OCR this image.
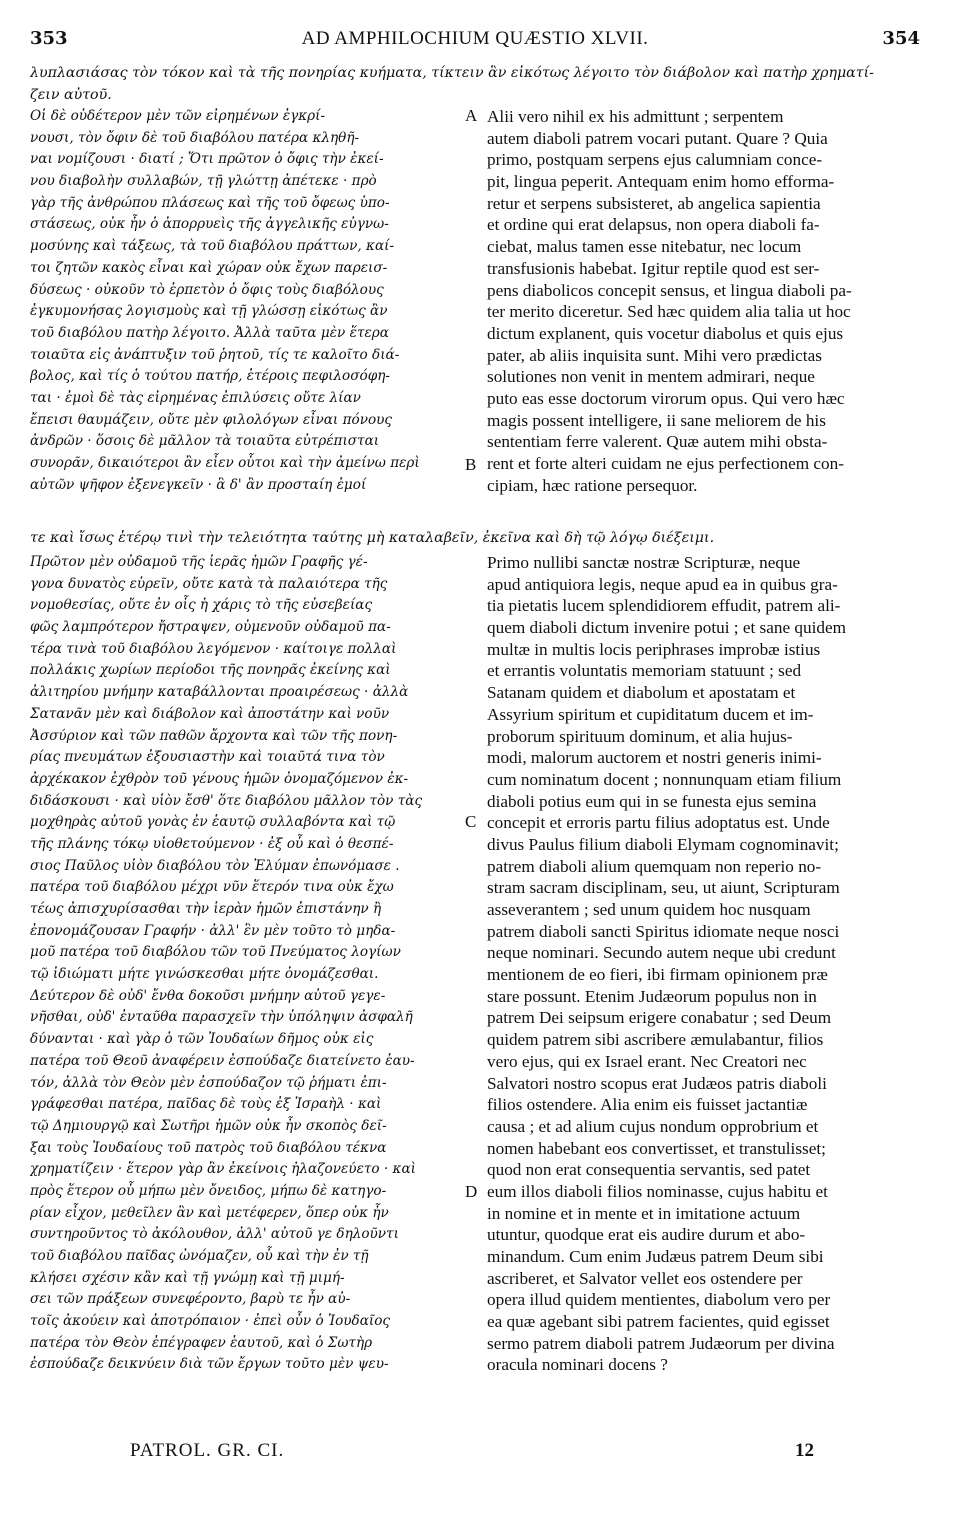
353	AD AMPHILOCHIUM QUÆSTIO XLVII.	354
λυπλασιάσας τὸν τόκον καὶ τὰ τῆς πονηρίας κυήματα, τίκτειν ἂν εἰκότως λέγοιτο τὸν διάβολον καὶ πατὴρ χρηματί-
ζειν αὐτοῦ.
Οἱ δὲ οὐδέτερον μὲν τῶν εἰρημένων ἐγκρί-
νουσι, τὸν ὄφιν δὲ τοῦ διαβόλου πατέρα κληθῆ-
ναι νομίζουσι · διατί ; Ὅτι πρῶτον ὁ ὄφις τὴν ἐκεί-
νου διαβολὴν συλλαβών, τῇ γλώττῃ ἀπέτεκε · πρὸ
γὰρ τῆς ἀνθρώπου πλάσεως καὶ τῆς τοῦ ὄφεως ὑπο-
στάσεως, οὐκ ἦν ὁ ἀπορρυεὶς τῆς ἀγγελικῆς εὐγνω-
μοσύνης καὶ τάξεως, τὰ τοῦ διαβόλου πράττων, καί-
τοι ζητῶν κακὸς εἶναι καὶ χώραν οὐκ ἔχων παρεισ-
δύσεως · οὐκοῦν τὸ ἑρπετὸν ὁ ὄφις τοὺς διαβόλους
ἐγκυμονήσας λογισμοὺς καὶ τῇ γλώσσῃ εἰκότως ἂν
τοῦ διαβόλου πατὴρ λέγοιτο. Ἀλλὰ ταῦτα μὲν ἕτερα
τοιαῦτα εἰς ἀνάπτυξιν τοῦ ῥητοῦ, τίς τε καλοῖτο διά-
βολος, καὶ τίς ὁ τούτου πατήρ, ἑτέροις πεφιλοσόφη-
ται · ἐμοὶ δὲ τὰς εἰρημένας ἐπιλύσεις οὔτε λίαν
ἔπεισι θαυμάζειν, οὔτε μὲν φιλολόγων εἶναι πόνους
ἀνδρῶν · ὅσοις δὲ μᾶλλον τὰ τοιαῦτα εὐτρέπισται
συνορᾶν, δικαιότεροι ἂν εἶεν οὗτοι καὶ τὴν ἀμείνω περὶ
αὐτῶν ψῆφον ἐξενεγκεῖν · ἃ δ' ἂν προσταίη ἐμοί
Alii vero nihil ex his admittunt ; serpentem
autem diaboli patrem vocari putant. Quare ? Quia
primo, postquam serpens ejus calumniam conce-
pit, lingua peperit. Antequam enim homo efforma-
retur et serpens subsisteret, ab angelica sapientia
et ordine qui erat delapsus, non opera diaboli fa-
ciebat, malus tamen esse nitebatur, nec locum
transfusionis habebat. Igitur reptile quod est ser-
pens diabolicos concepit sensus, et lingua diaboli pa-
ter merito diceretur. Sed hæc quidem alia talia ut hoc
dictum explanent, quis vocetur diabolus et quis ejus
pater, ab aliis inquisita sunt. Mihi vero prædictas
solutiones non venit in mentem admirari, neque
puto eas esse doctorum virorum opus. Qui vero hæc
magis possent intelligere, ii sane meliorem de his
sententiam ferre valerent. Quæ autem mihi obsta-
rent et forte alteri cuidam ne ejus perfectionem con-
cipiam, hæc ratione persequor.
A
B
τε καὶ ἴσως ἑτέρῳ τινὶ τὴν τελειότητα ταύτης μὴ καταλαβεῖν, ἐκεῖνα καὶ δὴ τῷ λόγῳ διέξειμι.
Πρῶτον μὲν οὐδαμοῦ τῆς ἱερᾶς ἡμῶν Γραφῆς γέ-
γονα δυνατὸς εὑρεῖν, οὔτε κατὰ τὰ παλαιότερα τῆς
νομοθεσίας, οὔτε ἐν οἷς ἡ χάρις τὸ τῆς εὐσεβείας
φῶς λαμπρότερον ἤστραψεν, οὐμενοῦν οὐδαμοῦ πα-
τέρα τινὰ τοῦ διαβόλου λεγόμενον · καίτοιγε πολλαὶ
πολλάκις χωρίων περίοδοι τῆς πονηρᾶς ἐκείνης καὶ
ἀλιτηρίου μνήμην καταβάλλονται προαιρέσεως · ἀλλὰ
Σατανᾶν μὲν καὶ διάβολον καὶ ἀποστάτην καὶ νοῦν
Ἀσσύριον καὶ τῶν παθῶν ἄρχοντα καὶ τῶν τῆς πονη-
ρίας πνευμάτων ἐξουσιαστὴν καὶ τοιαῦτά τινα τὸν
ἀρχέκακον ἐχθρὸν τοῦ γένους ἡμῶν ὀνομαζόμενον ἐκ-
διδάσκουσι · καὶ υἱὸν ἔσθ' ὅτε διαβόλου μᾶλλον τὸν τὰς
μοχθηρὰς αὐτοῦ γονὰς ἐν ἑαυτῷ συλλαβόντα καὶ τῷ
τῆς πλάνης τόκῳ υἱοθετούμενον · ἐξ οὗ καὶ ὁ θεσπέ-
σιος Παῦλος υἱὸν διαβόλου τὸν Ἐλύμαν ἐπωνόμασε .
πατέρα τοῦ διαβόλου μέχρι νῦν ἕτερόν τινα οὐκ ἔχω
τέως ἀπισχυρίσασθαι τὴν ἱερὰν ἡμῶν ἐπιστάνην ἢ
ἐπονομάζουσαν Γραφήν · ἀλλ' ἓν μὲν τοῦτο τὸ μηδα-
μοῦ πατέρα τοῦ διαβόλου τῶν τοῦ Πνεύματος λογίων
τῷ ἰδιώματι μήτε γινώσκεσθαι μήτε ὀνομάζεσθαι.
Δεύτερον δὲ οὐδ' ἔνθα δοκοῦσι μνήμην αὐτοῦ γεγε-
νῆσθαι, οὐδ' ἐνταῦθα παρασχεῖν τὴν ὑπόληψιν ἀσφαλῆ
δύνανται · καὶ γὰρ ὁ τῶν Ἰουδαίων δῆμος οὐκ εἰς
πατέρα τοῦ Θεοῦ ἀναφέρειν ἐσπούδαζε διατείνετο ἑαυ-
τόν, ἀλλὰ τὸν Θεὸν μὲν ἐσπούδαζον τῷ ῥήματι ἐπι-
γράφεσθαι πατέρα, παῖδας δὲ τοὺς ἐξ Ἰσραὴλ · καὶ
τῷ Δημιουργῷ καὶ Σωτῆρι ἡμῶν οὐκ ἦν σκοπὸς δεῖ-
ξαι τοὺς Ἰουδαίους τοῦ πατρὸς τοῦ διαβόλου τέκνα
χρηματίζειν · ἕτερον γὰρ ἂν ἐκείνοις ἠλαζονεύετο · καὶ
πρὸς ἕτερον οὗ μήπω μὲν ὄνειδος, μήπω δὲ κατηγο-
ρίαν εἶχον, μεθεῖλεν ἂν καὶ μετέφερεν, ὅπερ οὐκ ἦν
συντηροῦντος τὸ ἀκόλουθον, ἀλλ' αὐτοῦ γε δηλοῦντι
τοῦ διαβόλου παῖδας ὠνόμαζεν, οὗ καὶ τὴν ἐν τῇ
κλήσει σχέσιν κἂν καὶ τῇ γνώμῃ καὶ τῇ μιμή-
σει τῶν πράξεων συνεφέροντο, βαρὺ τε ἦν αὐ-
τοῖς ἀκούειν καὶ ἀποτρόπαιον · ἐπεὶ οὖν ὁ Ἰουδαῖος
πατέρα τὸν Θεὸν ἐπέγραφεν ἑαυτοῦ, καὶ ὁ Σωτὴρ
ἐσπούδαζε δεικνύειν διὰ τῶν ἔργων τοῦτο μὲν ψευ-
Primo nullibi sanctæ nostræ Scripturæ, neque
apud antiquiora legis, neque apud ea in quibus gra-
tia pietatis lucem splendidiorem effudit, patrem ali-
quem diaboli dictum invenire potui ; et sane quidem
multæ in multis locis periphrases improbæ istius
et errantis voluntatis memoriam statuunt ; sed
Satanam quidem et diabolum et apostatam et
Assyrium spiritum et cupiditatum ducem et im-
proborum spirituum dominum, et alia hujus-
modi, malorum auctorem et nostri generis inimi-
cum nominatum docent ; nonnunquam etiam filium
diaboli potius eum qui in se funesta ejus semina
concepit et erroris partu filius adoptatus est. Unde
divus Paulus filium diaboli Elymam cognominavit;
patrem diaboli alium quemquam non reperio no-
stram sacram disciplinam, seu, ut aiunt, Scripturam
asseverantem ; sed unum quidem hoc nusquam
patrem diaboli sancti Spiritus idiomate neque nosci
neque nominari. Secundo autem neque ubi credunt
mentionem de eo fieri, ibi firmam opinionem præ
stare possunt. Etenim Judæorum populus non in
patrem Dei seipsum erigere conabatur ; sed Deum
quidem patrem sibi ascribere æmulabantur, filios
vero ejus, qui ex Israel erant. Nec Creatori nec
Salvatori nostro scopus erat Judæos patris diaboli
filios ostendere. Alia enim eis fuisset jactantiæ
causa ; et ad alium cujus nondum opprobrium et
nomen habebant eos convertisset, et transtulisset;
quod non erat consequentia servantis, sed patet
eum illos diaboli filios nominasse, cujus habitu et
in nomine et in mente et in imitatione actuum
utuntur, quodque erat eis audire durum et abo-
minandum. Cum enim Judæus patrem Deum sibi
ascriberet, et Salvator vellet eos ostendere per
opera illud quidem mentientes, diabolum vero per
ea quæ agebant sibi patrem facientes, quid egisset
sermo patrem diaboli patrem Judæorum per divina
oracula nominari docens ?
C
D
PATROL. GR. CI.	12
